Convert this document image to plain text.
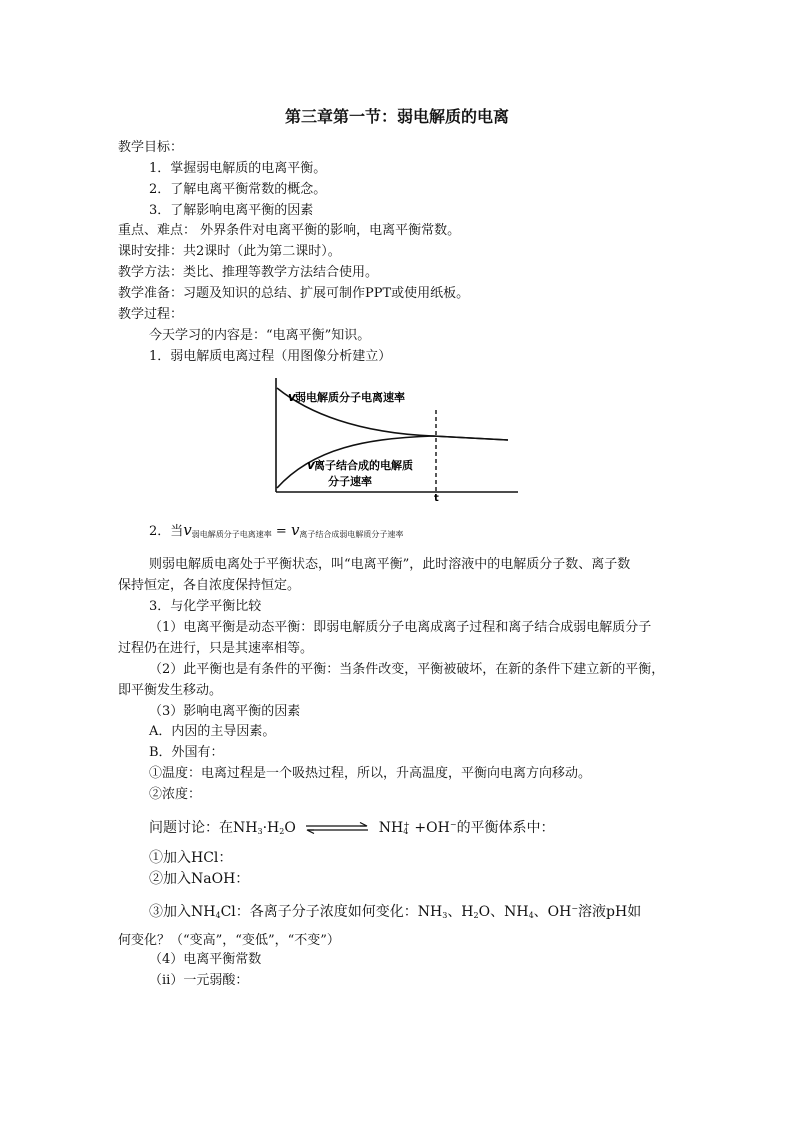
第三章第一节：弱电解质的电离
教学目标：
1．掌握弱电解质的电离平衡。
2．了解电离平衡常数的概念。
3．了解影响电离平衡的因素
重点、难点： 外界条件对电离平衡的影响，电离平衡常数。
课时安排：共2课时（此为第二课时）。
教学方法：类比、推理等教学方法结合使用。
教学准备：习题及知识的总结、扩展可制作PPT或使用纸板。
教学过程：
今天学习的内容是：“电离平衡”知识。
1．弱电解质电离过程（用图像分析建立）
v 弱电解质分子电离速率
v 离子结合成的电解质
分子速率
t
2．当$v_{弱电解质分子电离速率} = v_{离子结合成弱电解质分子速率}$
则弱电解质电离处于平衡状态，叫“电离平衡”，此时溶液中的电解质分子数、离子数
保持恒定，各自浓度保持恒定。
3．与化学平衡比较
（1）电离平衡是动态平衡：即弱电解质分子电离成离子过程和离子结合成弱电解质分子
过程仍在进行，只是其速率相等。
（2）此平衡也是有条件的平衡：当条件改变，平衡被破坏，在新的条件下建立新的平衡，
即平衡发生移动。
（3）影响电离平衡的因素
A．内因的主导因素。
B．外国有：
①温度：电离过程是一个吸热过程，所以，升高温度，平衡向电离方向移动。
②浓度：
问题讨论：在$NH_3\cdot H_2O$	$NH_4^+ +OH^-$的平衡体系中：
①加入HCl：
②加入NaOH：
③加入$NH_4Cl$：各离子分子浓度如何变化：$NH_3$、$H_2O$、$NH_4$、OH−溶液pH如
何变化？（“变高”，“变低”，“不变”）
（4）电离平衡常数
（ⅱ）一元弱酸：
